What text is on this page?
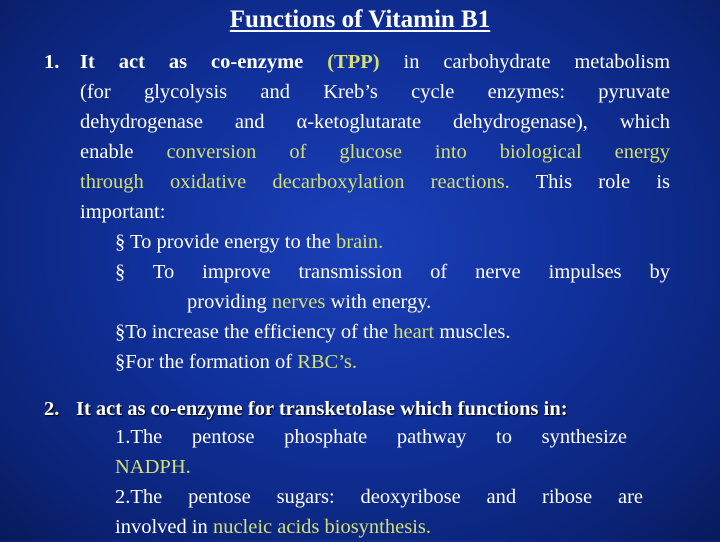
Functions of Vitamin B1
1. It act as co-enzyme (TPP) in carbohydrate metabolism
(for glycolysis and Kreb’s cycle enzymes: pyruvate
dehydrogenase and α-ketoglutarate dehydrogenase), which
enable conversion of glucose into biological energy
through oxidative decarboxylation reactions. This role is
important:
§ To provide energy to the brain.
§ To improve transmission of nerve impulses by
providing nerves with energy.
§To increase the efficiency of the heart muscles.
§For the formation of RBC’s.
2. It act as co-enzyme for transketolase which functions in:
1.The pentose phosphate pathway to synthesize
NADPH.
2.The pentose sugars: deoxyribose and ribose are
involved in nucleic acids biosynthesis.
